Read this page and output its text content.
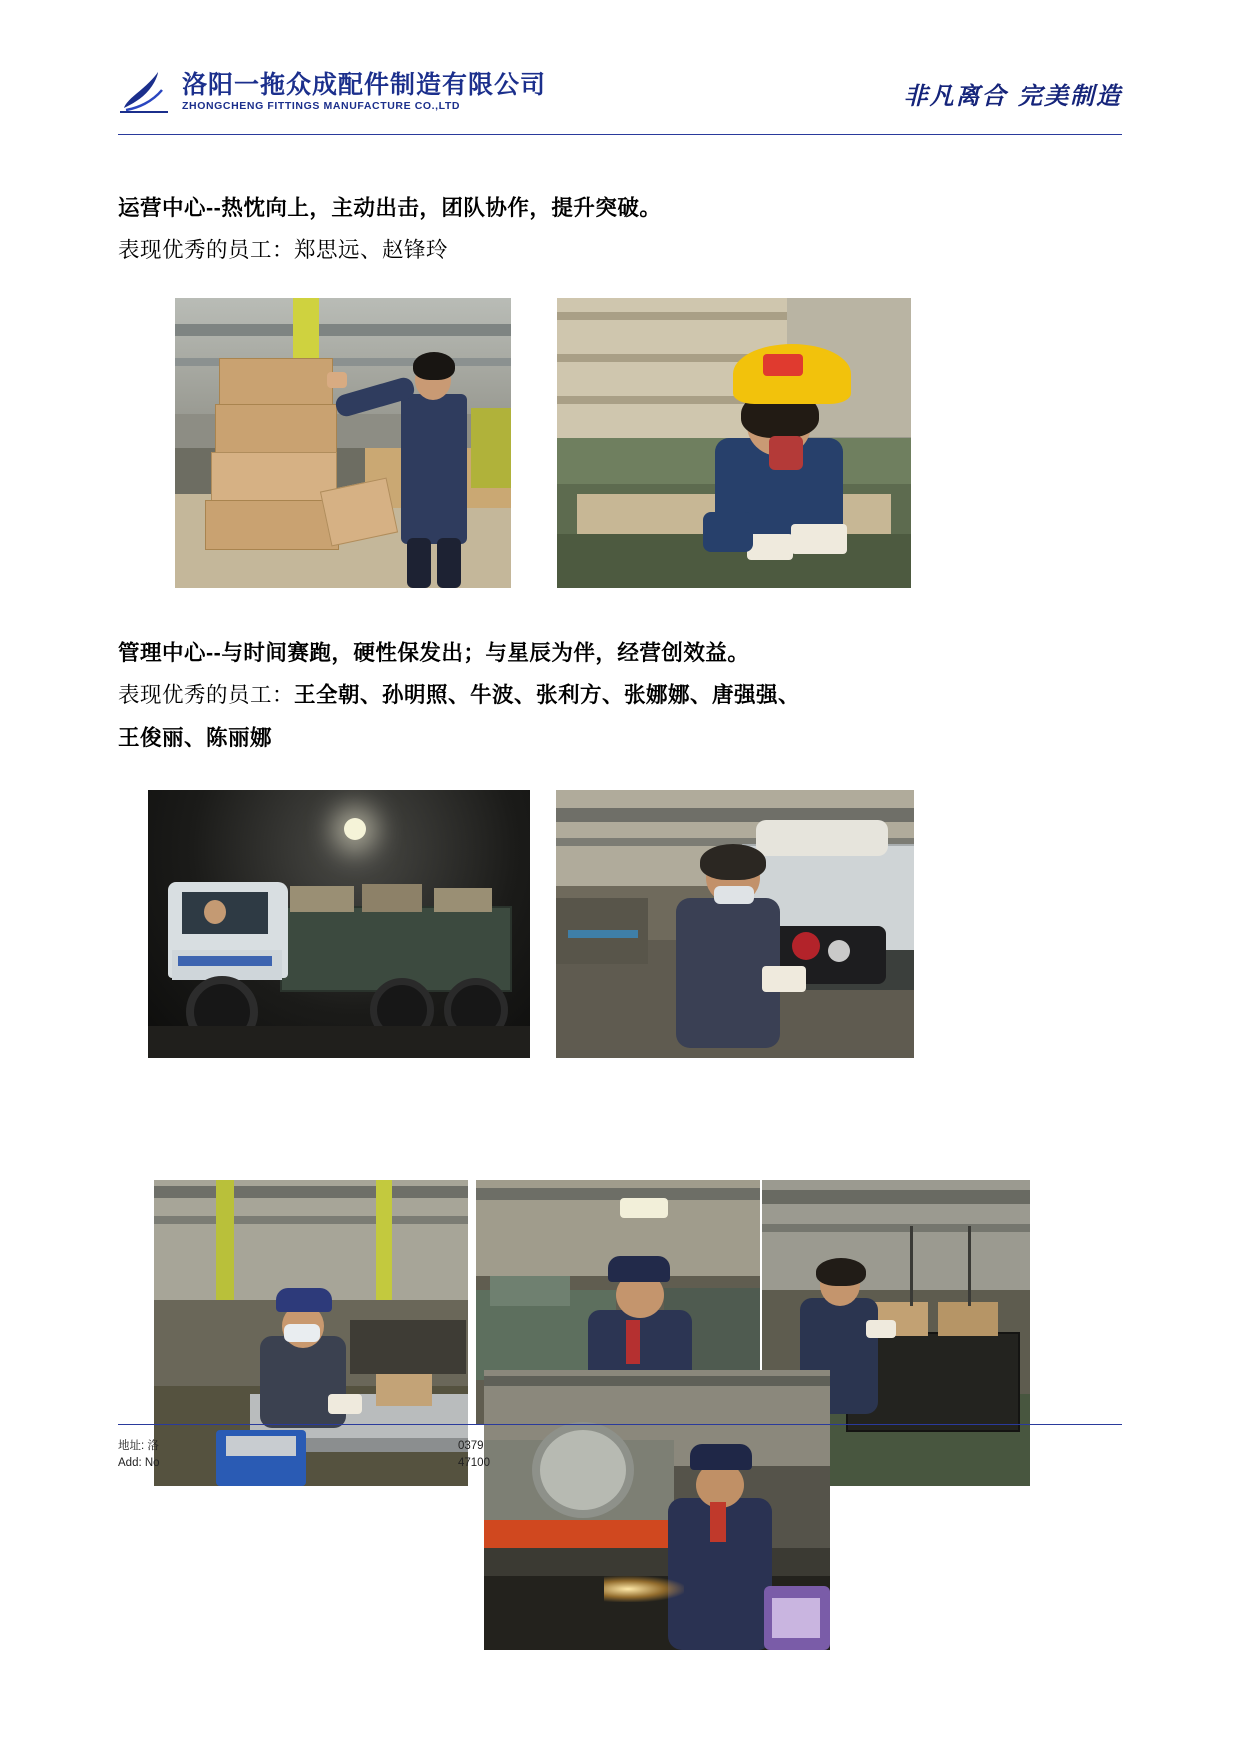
洛阳一拖众成配件制造有限公司
ZHONGCHENG FITTINGS MANUFACTURE CO.,LTD	非凡离合 完美制造
运营中心--热忱向上，主动出击，团队协作，提升突破。
表现优秀的员工：郑思远、赵锋玲
管理中心--与时间赛跑，硬性保发出；与星辰为伴，经营创效益。
表现优秀的员工：王全朝、孙明照、牛波、张利方、张娜娜、唐强强、
王俊丽、陈丽娜
地址: 洛
Add: No
0379
47100
